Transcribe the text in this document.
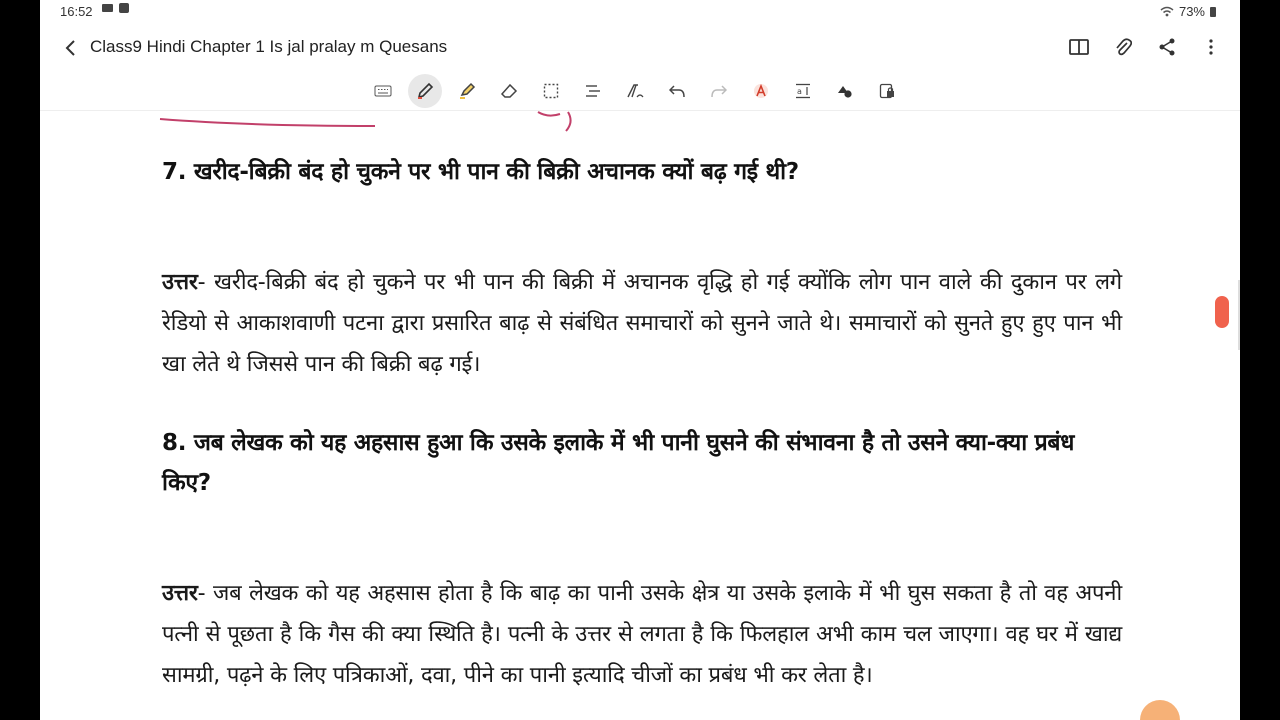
16:52	73%
Class9 Hindi Chapter 1 Is jal pralay m Quesans
a
7. खरीद-बिक्री बंद हो चुकने पर भी पान की बिक्री अचानक क्यों बढ़ गई थी?
उत्तर- खरीद-बिक्री बंद हो चुकने पर भी पान की बिक्री में अचानक वृद्धि हो गई क्योंकि लोग पान वाले की दुकान पर लगे रेडियो से आकाशवाणी पटना द्वारा प्रसारित बाढ़ से संबंधित समाचारों को सुनने जाते थे। समाचारों को सुनते हुए हुए पान भी खा लेते थे जिससे पान की बिक्री बढ़ गई।
8. जब लेखक को यह अहसास हुआ कि उसके इलाके में भी पानी घुसने की संभावना है तो उसने क्या-क्या प्रबंध किए?
उत्तर- जब लेखक को यह अहसास होता है कि बाढ़ का पानी उसके क्षेत्र या उसके इलाके में भी घुस सकता है तो वह अपनी पत्नी से पूछता है कि गैस की क्या स्थिति है। पत्नी के उत्तर से लगता है कि फिलहाल अभी काम चल जाएगा। वह घर में खाद्य सामग्री, पढ़ने के लिए पत्रिकाओं, दवा, पीने का पानी इत्यादि चीजों का प्रबंध भी कर लेता है।
